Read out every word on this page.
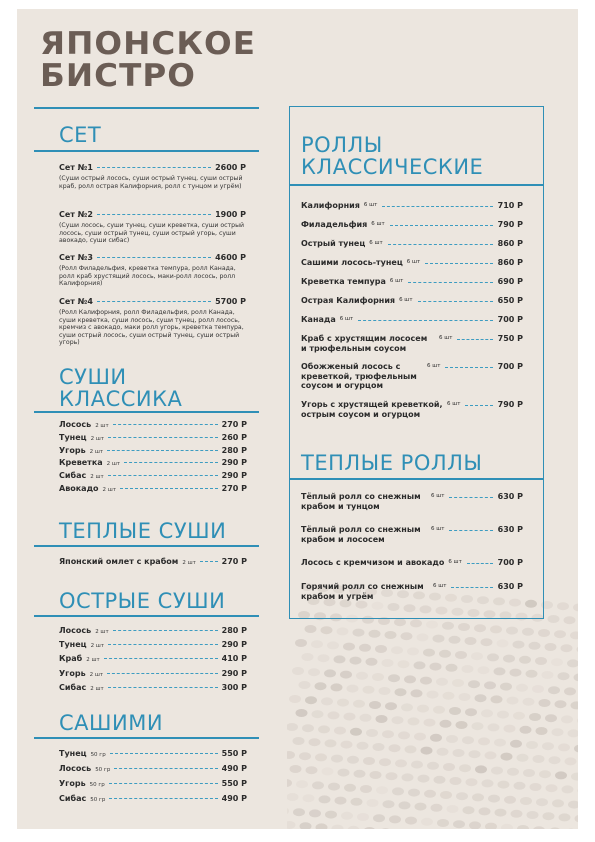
ЯПОНСКОЕ
БИСТРО
СЕТ
Сет №1	2600 Р
(Суши острый лосось, суши острый тунец, суши острый краб, ролл острая Калифорния, ролл с тунцом и угрём)
Сет №2	1900 Р
(Суши лосось, суши тунец, суши креветка, суши острый лосось, суши острый тунец, суши острый угорь, суши авокадо, суши сибас)
Сет №3	4600 Р
(Ролл Филадельфия, креветка темпура, ролл Канада, ролл краб хрустящий лосось, маки-ролл лосось, ролл Калифорния)
Сет №4	5700 Р
(Ролл Калифорния, ролл Филадельфия, ролл Канада, суши креветка, суши лосось, суши тунец, ролл лосось, кремчиз с авокадо, маки ролл угорь, креветка темпура, суши острый лосось, суши острый тунец, суши острый угорь)
СУШИ
КЛАССИКА
Лосось 2 шт	270 Р
Тунец 2 шт	260 Р
Угорь 2 шт	280 Р
Креветка 2 шт	290 Р
Сибас 2 шт	290 Р
Авокадо 2 шт	270 Р
ТЕПЛЫЕ СУШИ
Японский омлет с крабом 2 шт	270 Р
ОСТРЫЕ СУШИ
Лосось 2 шт	280 Р
Тунец 2 шт	290 Р
Краб 2 шт	410 Р
Угорь 2 шт	290 Р
Сибас 2 шт	300 Р
САШИМИ
Тунец 50 гр	550 Р
Лосось 50 гр	490 Р
Угорь 50 гр	550 Р
Сибас 50 гр	490 Р
РОЛЛЫ
КЛАССИЧЕСКИЕ
Калифорния 6 шт	710 Р
Филадельфия 6 шт	790 Р
Острый тунец 6 шт	860 Р
Сашими лосось-тунец 6 шт	860 Р
Креветка темпура 6 шт	690 Р
Острая Калифорния 6 шт	650 Р
Канада 6 шт	700 Р
Краб с хрустящим лососем и трюфельным соусом
6 шт	750 Р
Обожженый лосось с креветкой, трюфельным соусом и огурцом
6 шт	700 Р
Угорь с хрустящей креветкой, острым соусом и огурцом
6 шт	790 Р
ТЕПЛЫЕ РОЛЛЫ
Тёплый ролл со снежным крабом и тунцом
6 шт	630 Р
Тёплый ролл со снежным крабом и лососем
6 шт	630 Р
Лосось с кремчизом и авокадо 6 шт	700 Р
Горячий ролл со снежным крабом и угрём
6 шт	630 Р
